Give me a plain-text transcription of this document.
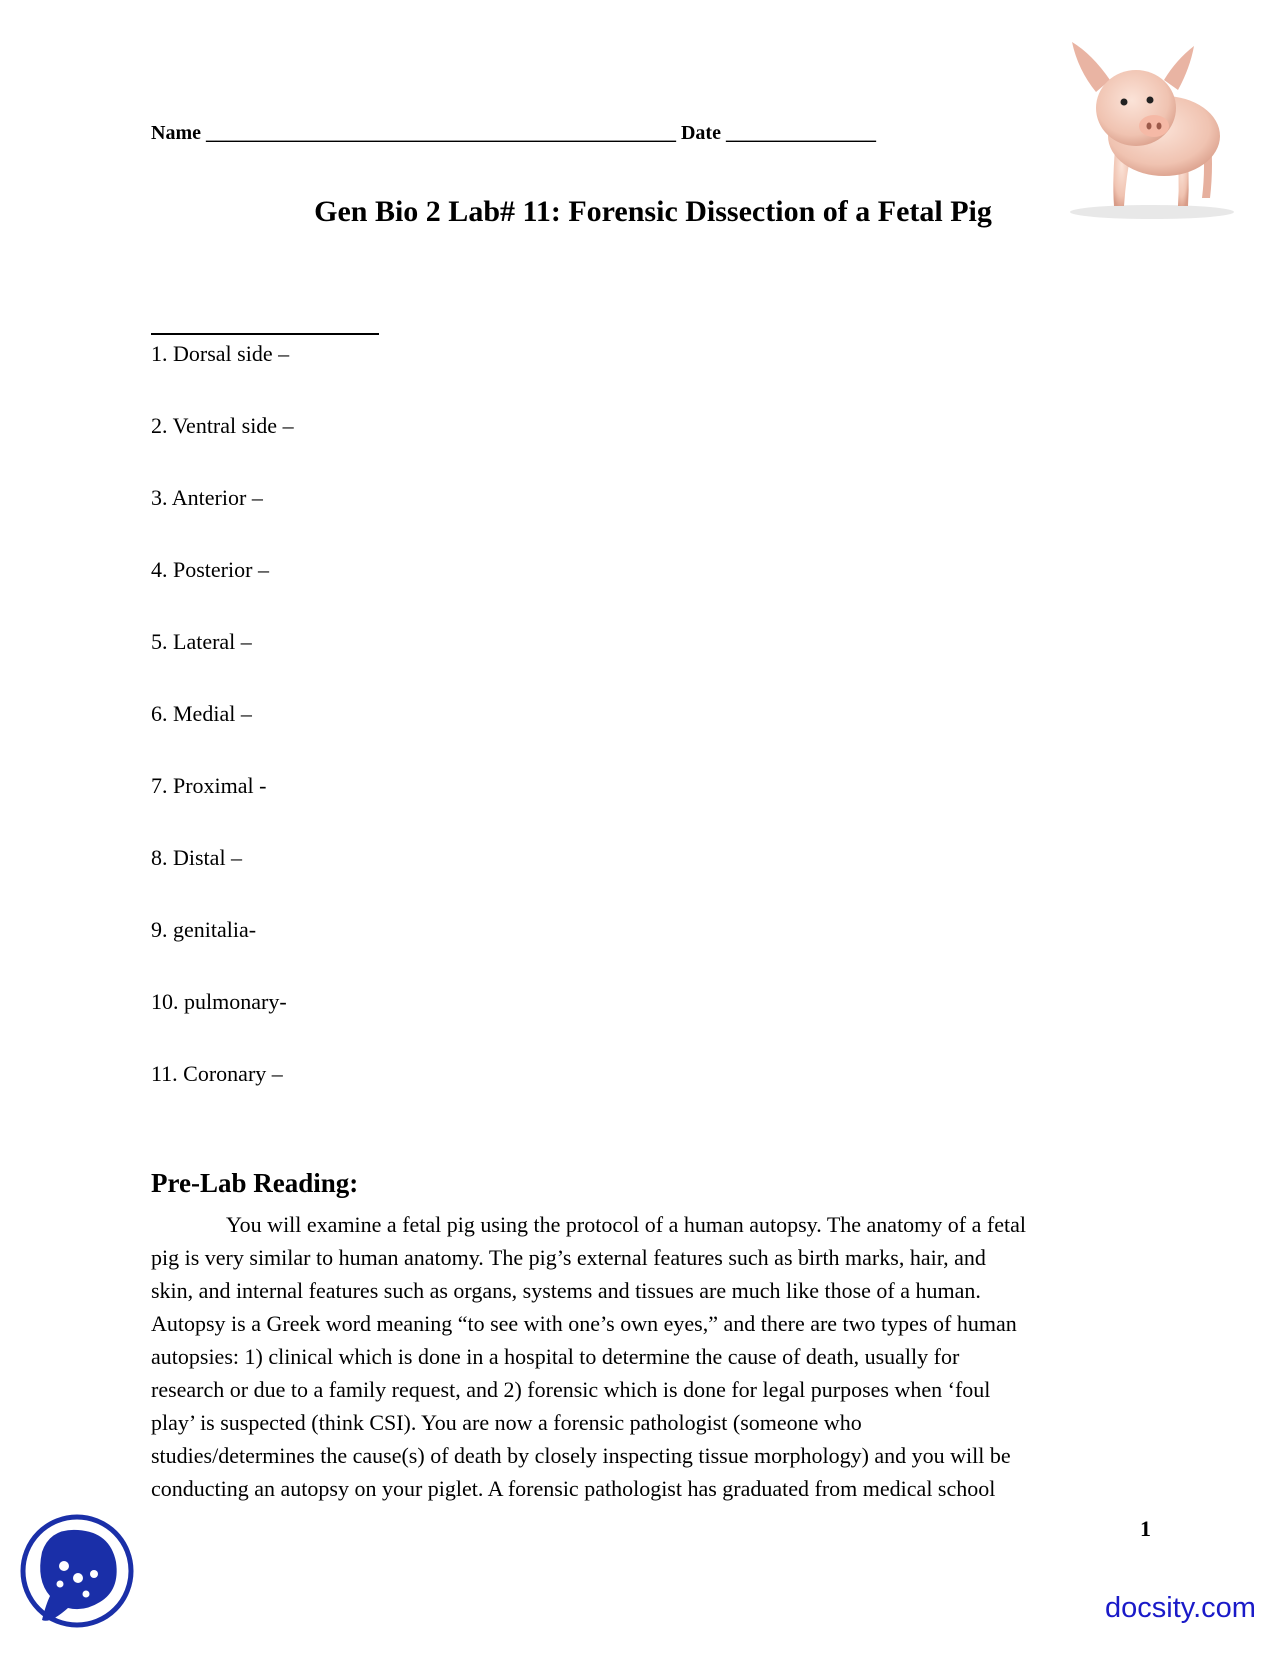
Name _______________________________________________ Date _______________
Gen Bio 2 Lab# 11: Forensic Dissection of a Fetal Pig
1. Dorsal side –
2. Ventral side –
3. Anterior –
4. Posterior –
5. Lateral –
6. Medial –
7. Proximal -
8. Distal –
9. genitalia-
10. pulmonary-
11. Coronary –
Pre-Lab Reading:
You will examine a fetal pig using the protocol of a human autopsy. The anatomy of a fetal
pig is very similar to human anatomy. The pig’s external features such as birth marks, hair, and
skin, and internal features such as organs, systems and tissues are much like those of a human.
Autopsy is a Greek word meaning “to see with one’s own eyes,” and there are two types of human
autopsies: 1) clinical which is done in a hospital to determine the cause of death, usually for
research or due to a family request, and 2) forensic which is done for legal purposes when ‘foul
play’ is suspected (think CSI). You are now a forensic pathologist (someone who
studies/determines the cause(s) of death by closely inspecting tissue morphology) and you will be
conducting an autopsy on your piglet. A forensic pathologist has graduated from medical school
1
docsity.com
